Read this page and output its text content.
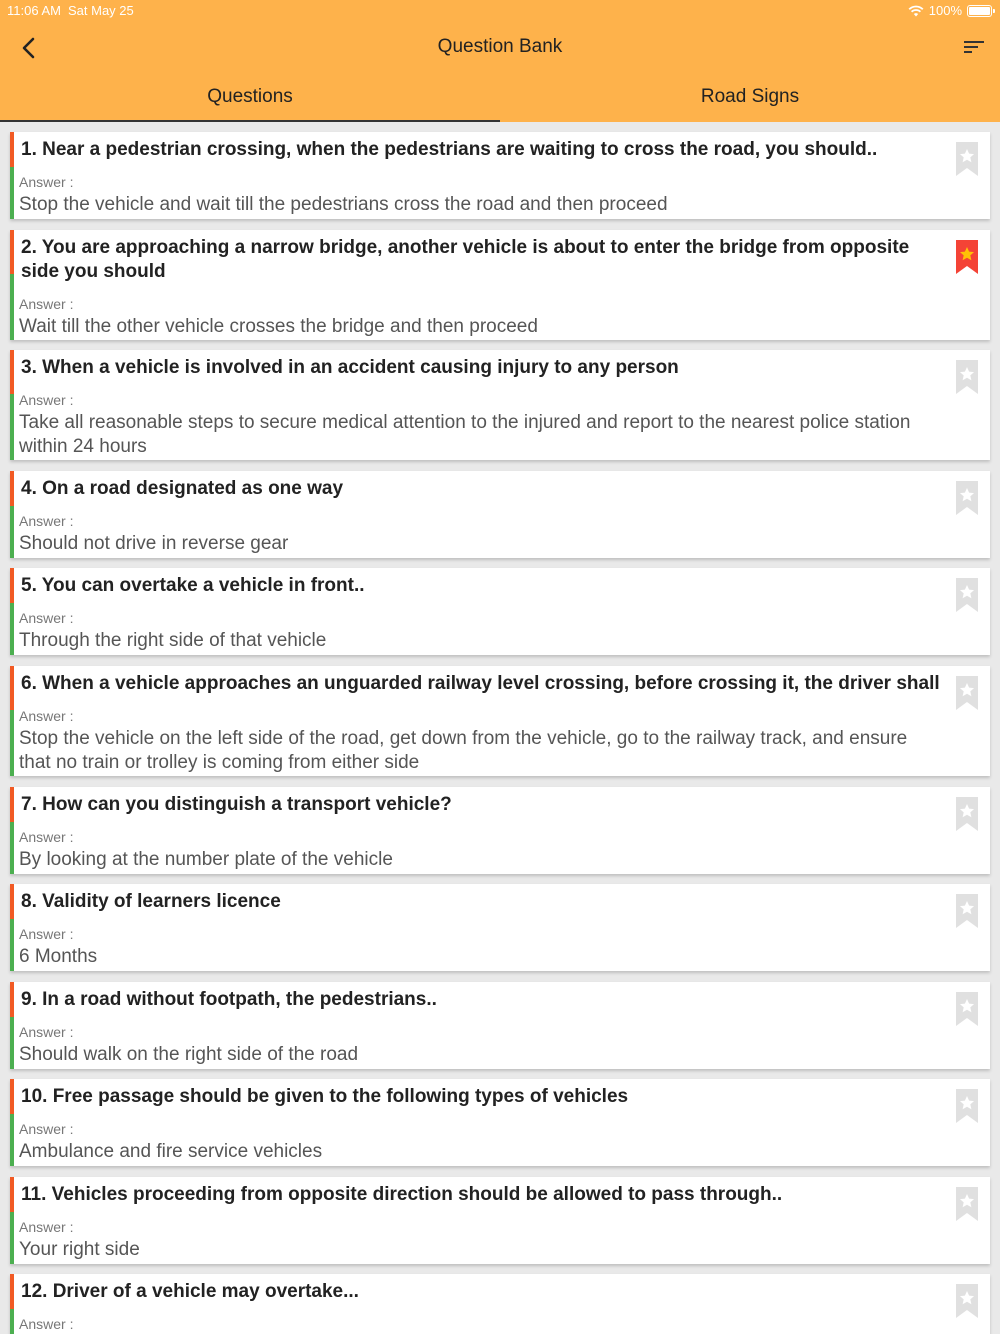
11:06 AM Sat May 25	100%
Question Bank
Questions	Road Signs
1. Near a pedestrian crossing, when the pedestrians are waiting to cross the road, you should..
Answer :
Stop the vehicle and wait till the pedestrians cross the road and then proceed
2. You are approaching a narrow bridge, another vehicle is about to enter the bridge from opposite side you should
Answer :
Wait till the other vehicle crosses the bridge and then proceed
3. When a vehicle is involved in an accident causing injury to any person
Answer :
Take all reasonable steps to secure medical attention to the injured and report to the nearest police station within 24 hours
4. On a road designated as one way
Answer :
Should not drive in reverse gear
5. You can overtake a vehicle in front..
Answer :
Through the right side of that vehicle
6. When a vehicle approaches an unguarded railway level crossing, before crossing it, the driver shall
Answer :
Stop the vehicle on the left side of the road, get down from the vehicle, go to the railway track, and ensure that no train or trolley is coming from either side
7. How can you distinguish a transport vehicle?
Answer :
By looking at the number plate of the vehicle
8. Validity of learners licence
Answer :
6 Months
9. In a road without footpath, the pedestrians..
Answer :
Should walk on the right side of the road
10. Free passage should be given to the following types of vehicles
Answer :
Ambulance and fire service vehicles
11. Vehicles proceeding from opposite direction should be allowed to pass through..
Answer :
Your right side
12. Driver of a vehicle may overtake...
Answer :
